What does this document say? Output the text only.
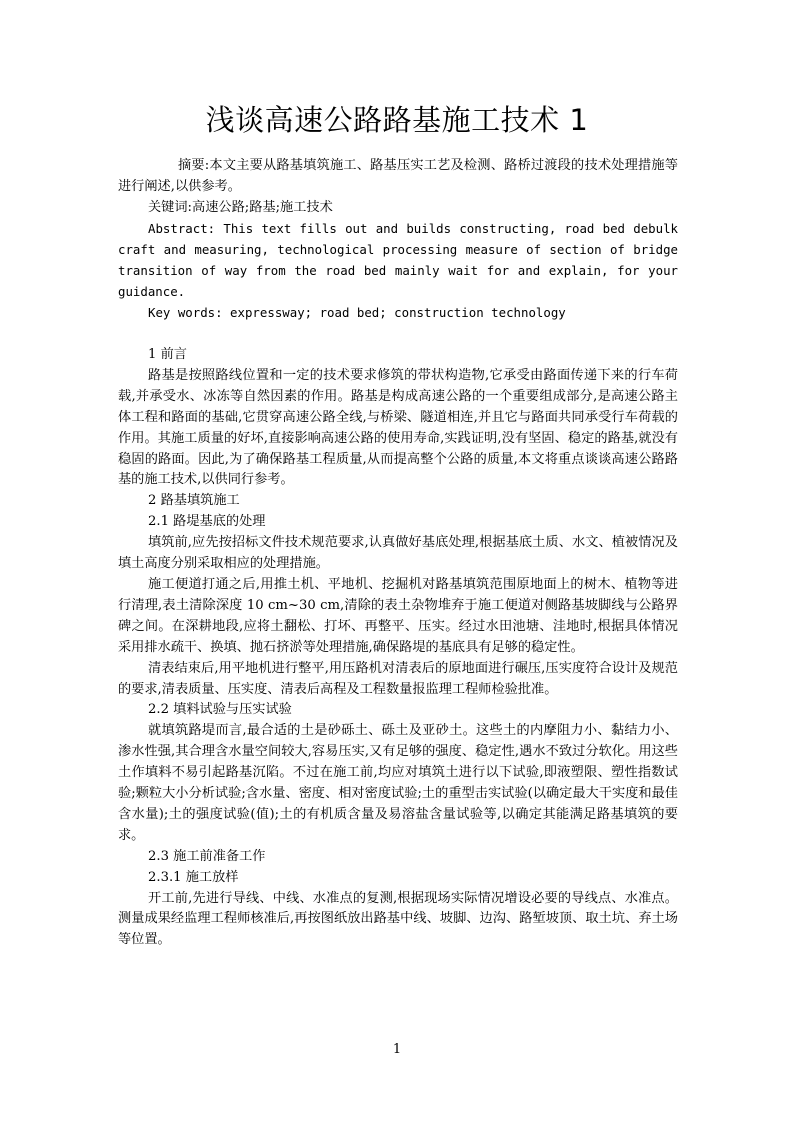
浅谈高速公路路基施工技术 1

摘要:本文主要从路基填筑施工、路基压实工艺及检测、路桥过渡段的技术处理措施等进行阐述,以供参考。

关键词:高速公路;路基;施工技术

Abstract: This text fills out and builds constructing, road bed debulk craft and measuring, technological processing measure of section of bridge transition of way from the road bed mainly wait for and explain, for your guidance.

Key words: expressway; road bed; construction technology

1 前言

路基是按照路线位置和一定的技术要求修筑的带状构造物,它承受由路面传递下来的行车荷载,并承受水、冰冻等自然因素的作用。路基是构成高速公路的一个重要组成部分,是高速公路主体工程和路面的基础,它贯穿高速公路全线,与桥梁、隧道相连,并且它与路面共同承受行车荷载的作用。其施工质量的好坏,直接影响高速公路的使用寿命,实践证明,没有坚固、稳定的路基,就没有稳固的路面。因此,为了确保路基工程质量,从而提高整个公路的质量,本文将重点谈谈高速公路路基的施工技术,以供同行参考。

2 路基填筑施工

2.1 路堤基底的处理

填筑前,应先按招标文件技术规范要求,认真做好基底处理,根据基底土质、水文、植被情况及填土高度分别采取相应的处理措施。

施工便道打通之后,用推土机、平地机、挖掘机对路基填筑范围原地面上的树木、植物等进行清理,表土清除深度 10 cm~30 cm,清除的表土杂物堆弃于施工便道对侧路基坡脚线与公路界碑之间。在深耕地段,应将土翻松、打坏、再整平、压实。经过水田池塘、洼地时,根据具体情况采用排水疏干、换填、抛石挤淤等处理措施,确保路堤的基底具有足够的稳定性。

清表结束后,用平地机进行整平,用压路机对清表后的原地面进行碾压,压实度符合设计及规范的要求,清表质量、压实度、清表后高程及工程数量报监理工程师检验批准。

2.2 填料试验与压实试验

就填筑路堤而言,最合适的土是砂砾土、砾土及亚砂土。这些土的内摩阻力小、黏结力小、渗水性强,其合理含水量空间较大,容易压实,又有足够的强度、稳定性,遇水不致过分软化。用这些土作填料不易引起路基沉陷。不过在施工前,均应对填筑土进行以下试验,即液塑限、塑性指数试验;颗粒大小分析试验;含水量、密度、相对密度试验;土的重型击实试验(以确定最大干实度和最佳含水量);土的强度试验(值);土的有机质含量及易溶盐含量试验等,以确定其能满足路基填筑的要求。

2.3 施工前准备工作

2.3.1 施工放样

开工前,先进行导线、中线、水准点的复测,根据现场实际情况增设必要的导线点、水准点。测量成果经监理工程师核准后,再按图纸放出路基中线、坡脚、边沟、路堑坡顶、取土坑、弃土场等位置。

1
